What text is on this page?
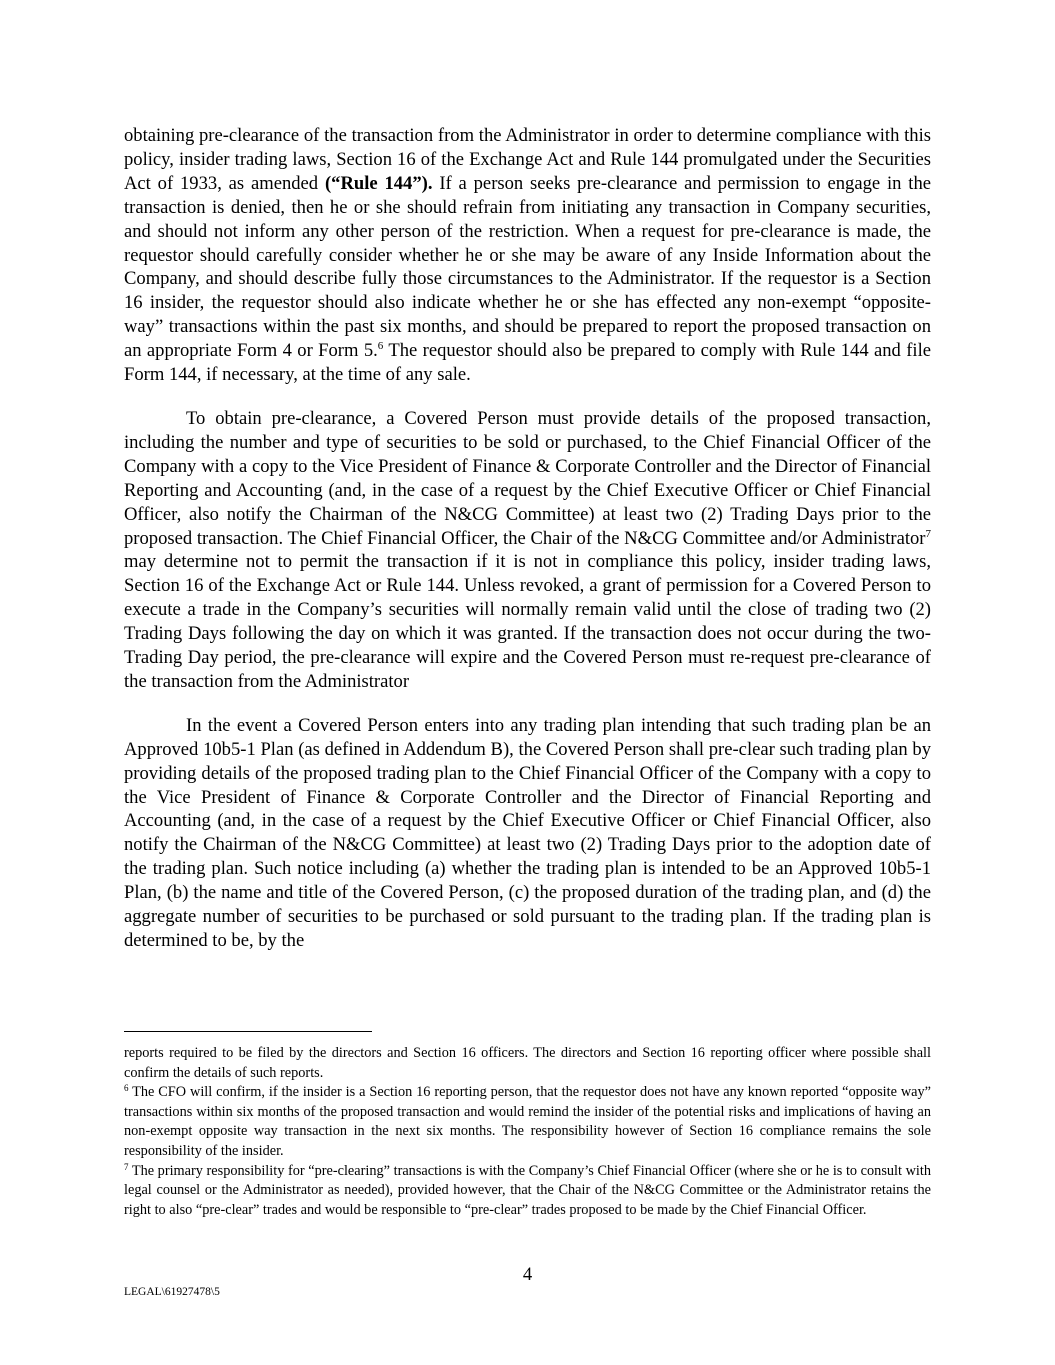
obtaining pre-clearance of the transaction from the Administrator in order to determine compliance with this policy, insider trading laws, Section 16 of the Exchange Act and Rule 144 promulgated under the Securities Act of 1933, as amended (“Rule 144”). If a person seeks pre-clearance and permission to engage in the transaction is denied, then he or she should refrain from initiating any transaction in Company securities, and should not inform any other person of the restriction. When a request for pre-clearance is made, the requestor should carefully consider whether he or she may be aware of any Inside Information about the Company, and should describe fully those circumstances to the Administrator. If the requestor is a Section 16 insider, the requestor should also indicate whether he or she has effected any non-exempt “opposite-way” transactions within the past six months, and should be prepared to report the proposed transaction on an appropriate Form 4 or Form 5.$^6$ The requestor should also be prepared to comply with Rule 144 and file Form 144, if necessary, at the time of any sale.

To obtain pre-clearance, a Covered Person must provide details of the proposed transaction, including the number and type of securities to be sold or purchased, to the Chief Financial Officer of the Company with a copy to the Vice President of Finance & Corporate Controller and the Director of Financial Reporting and Accounting (and, in the case of a request by the Chief Executive Officer or Chief Financial Officer, also notify the Chairman of the N&CG Committee) at least two (2) Trading Days prior to the proposed transaction. The Chief Financial Officer, the Chair of the N&CG Committee and/or Administrator$^7$ may determine not to permit the transaction if it is not in compliance this policy, insider trading laws, Section 16 of the Exchange Act or Rule 144. Unless revoked, a grant of permission for a Covered Person to execute a trade in the Company’s securities will normally remain valid until the close of trading two (2) Trading Days following the day on which it was granted. If the transaction does not occur during the two-Trading Day period, the pre-clearance will expire and the Covered Person must re-request pre-clearance of the transaction from the Administrator

In the event a Covered Person enters into any trading plan intending that such trading plan be an Approved 10b5-1 Plan (as defined in Addendum B), the Covered Person shall pre-clear such trading plan by providing details of the proposed trading plan to the Chief Financial Officer of the Company with a copy to the Vice President of Finance & Corporate Controller and the Director of Financial Reporting and Accounting (and, in the case of a request by the Chief Executive Officer or Chief Financial Officer, also notify the Chairman of the N&CG Committee) at least two (2) Trading Days prior to the adoption date of the trading plan. Such notice including (a) whether the trading plan is intended to be an Approved 10b5-1 Plan, (b) the name and title of the Covered Person, (c) the proposed duration of the trading plan, and (d) the aggregate number of securities to be purchased or sold pursuant to the trading plan. If the trading plan is determined to be, by the

reports required to be filed by the directors and Section 16 officers. The directors and Section 16 reporting officer where possible shall confirm the details of such reports.

$^6$ The CFO will confirm, if the insider is a Section 16 reporting person, that the requestor does not have any known reported “opposite way” transactions within six months of the proposed transaction and would remind the insider of the potential risks and implications of having an non-exempt opposite way transaction in the next six months. The responsibility however of Section 16 compliance remains the sole responsibility of the insider.

$^7$ The primary responsibility for “pre-clearing” transactions is with the Company’s Chief Financial Officer (where she or he is to consult with legal counsel or the Administrator as needed), provided however, that the Chair of the N&CG Committee or the Administrator retains the right to also “pre-clear” trades and would be responsible to “pre-clear” trades proposed to be made by the Chief Financial Officer.

4
LEGAL\61927478\5
